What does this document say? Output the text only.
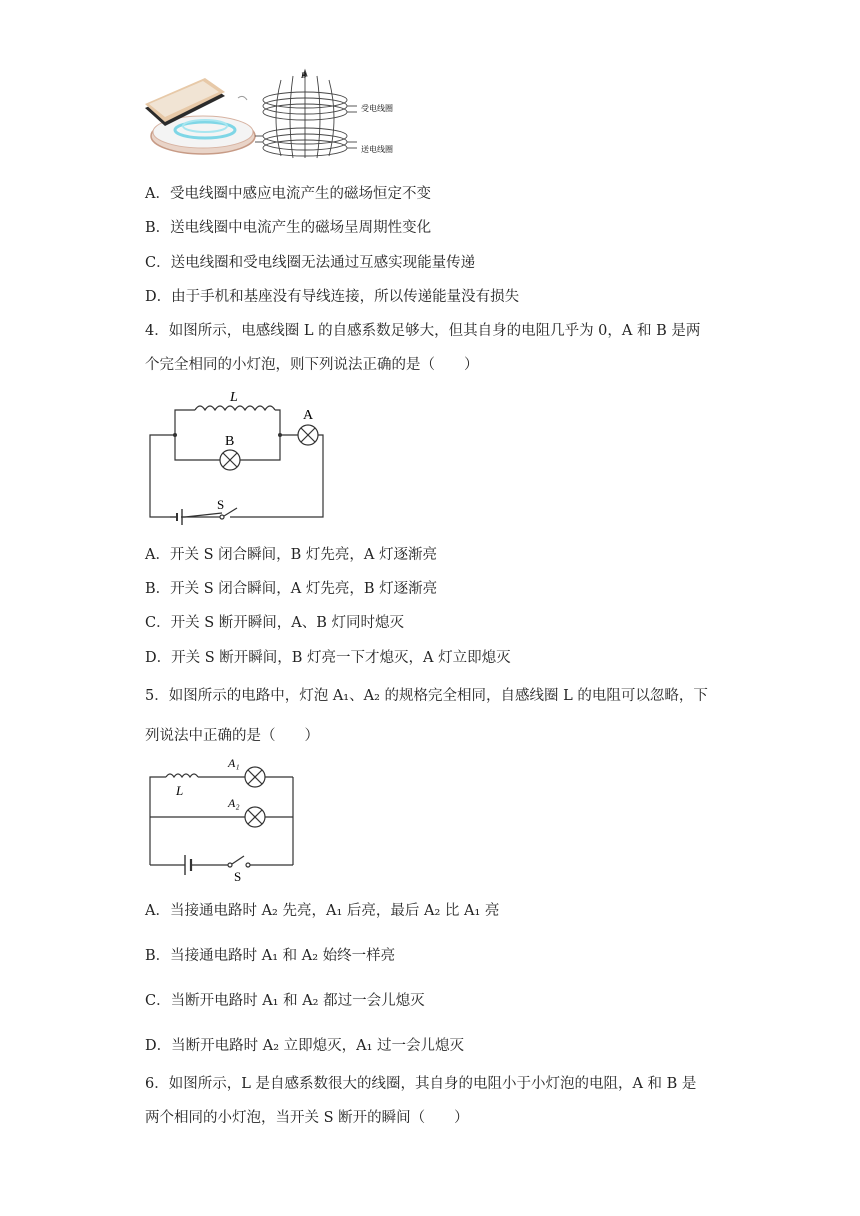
B
受电线圈
送电线圈
A．受电线圈中感应电流产生的磁场恒定不变
B．送电线圈中电流产生的磁场呈周期性变化
C．送电线圈和受电线圈无法通过互感实现能量传递
D．由于手机和基座没有导线连接，所以传递能量没有损失
4．如图所示，电感线圈 L 的自感系数足够大，但其自身的电阻几乎为 0，A 和 B 是两
个完全相同的小灯泡，则下列说法正确的是（　　）
L
A
B
S
A．开关 S 闭合瞬间，B 灯先亮，A 灯逐渐亮
B．开关 S 闭合瞬间，A 灯先亮，B 灯逐渐亮
C．开关 S 断开瞬间，A、B 灯同时熄灭
D．开关 S 断开瞬间，B 灯亮一下才熄灭，A 灯立即熄灭
5．如图所示的电路中，灯泡 A₁、A₂ 的规格完全相同，自感线圈 L 的电阻可以忽略，下
列说法中正确的是（　　）
L
A₁
A₂
S
A．当接通电路时 A₂ 先亮，A₁ 后亮，最后 A₂ 比 A₁ 亮
B．当接通电路时 A₁ 和 A₂ 始终一样亮
C．当断开电路时 A₁ 和 A₂ 都过一会儿熄灭
D．当断开电路时 A₂ 立即熄灭，A₁ 过一会儿熄灭
6．如图所示，L 是自感系数很大的线圈，其自身的电阻小于小灯泡的电阻，A 和 B 是
两个相同的小灯泡，当开关 S 断开的瞬间（　　）
